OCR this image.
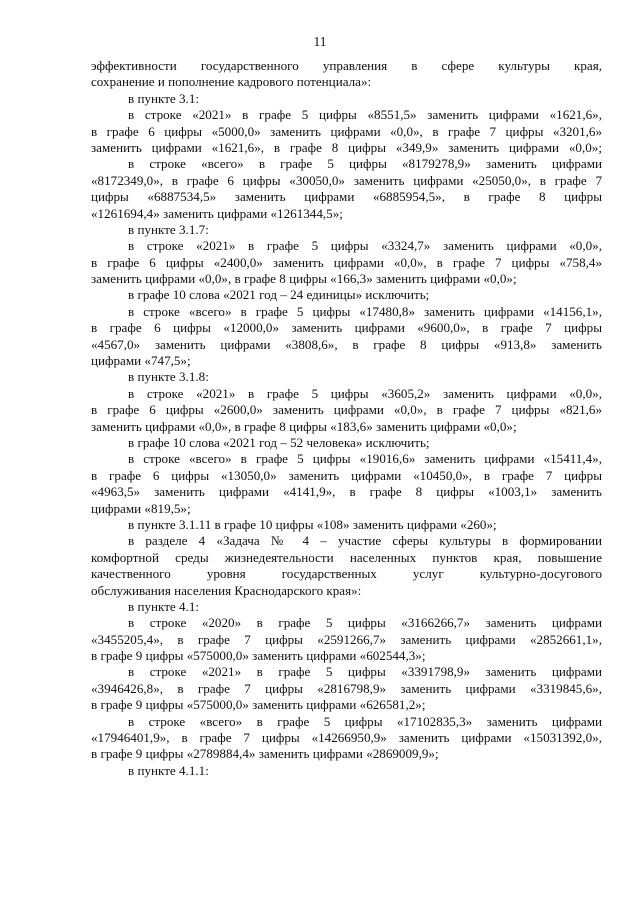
11
эффективности государственного управления в сфере культуры края,
сохранение и пополнение кадрового потенциала»:
в пункте 3.1:
в строке «2021» в графе 5 цифры «8551,5» заменить цифрами «1621,6»,
в графе 6 цифры «5000,0» заменить цифрами «0,0», в графе 7 цифры «3201,6»
заменить цифрами «1621,6», в графе 8 цифры «349,9» заменить цифрами «0,0»;
в строке «всего» в графе 5 цифры «8179278,9» заменить цифрами
«8172349,0», в графе 6 цифры «30050,0» заменить цифрами «25050,0», в графе 7
цифры «6887534,5» заменить цифрами «6885954,5», в графе 8 цифры
«1261694,4» заменить цифрами «1261344,5»;
в пункте 3.1.7:
в строке «2021» в графе 5 цифры «3324,7» заменить цифрами «0,0»,
в графе 6 цифры «2400,0» заменить цифрами «0,0», в графе 7 цифры «758,4»
заменить цифрами «0,0», в графе 8 цифры «166,3» заменить цифрами «0,0»;
в графе 10 слова «2021 год – 24 единицы» исключить;
в строке «всего» в графе 5 цифры «17480,8» заменить цифрами «14156,1»,
в графе 6 цифры «12000,0» заменить цифрами «9600,0», в графе 7 цифры
«4567,0» заменить цифрами «3808,6», в графе 8 цифры «913,8» заменить
цифрами «747,5»;
в пункте 3.1.8:
в строке «2021» в графе 5 цифры «3605,2» заменить цифрами «0,0»,
в графе 6 цифры «2600,0» заменить цифрами «0,0», в графе 7 цифры «821,6»
заменить цифрами «0,0», в графе 8 цифры «183,6» заменить цифрами «0,0»;
в графе 10 слова «2021 год – 52 человека» исключить;
в строке «всего» в графе 5 цифры «19016,6» заменить цифрами «15411,4»,
в графе 6 цифры «13050,0» заменить цифрами «10450,0», в графе 7 цифры
«4963,5» заменить цифрами «4141,9», в графе 8 цифры «1003,1» заменить
цифрами «819,5»;
в пункте 3.1.11 в графе 10 цифры «108» заменить цифрами «260»;
в разделе 4 «Задача № 4 – участие сферы культуры в формировании
комфортной среды жизнедеятельности населенных пунктов края, повышение
качественного уровня государственных услуг культурно-досугового
обслуживания населения Краснодарского края»:
в пункте 4.1:
в строке «2020» в графе 5 цифры «3166266,7» заменить цифрами
«3455205,4», в графе 7 цифры «2591266,7» заменить цифрами «2852661,1»,
в графе 9 цифры «575000,0» заменить цифрами «602544,3»;
в строке «2021» в графе 5 цифры «3391798,9» заменить цифрами
«3946426,8», в графе 7 цифры «2816798,9» заменить цифрами «3319845,6»,
в графе 9 цифры «575000,0» заменить цифрами «626581,2»;
в строке «всего» в графе 5 цифры «17102835,3» заменить цифрами
«17946401,9», в графе 7 цифры «14266950,9» заменить цифрами «15031392,0»,
в графе 9 цифры «2789884,4» заменить цифрами «2869009,9»;
в пункте 4.1.1:
